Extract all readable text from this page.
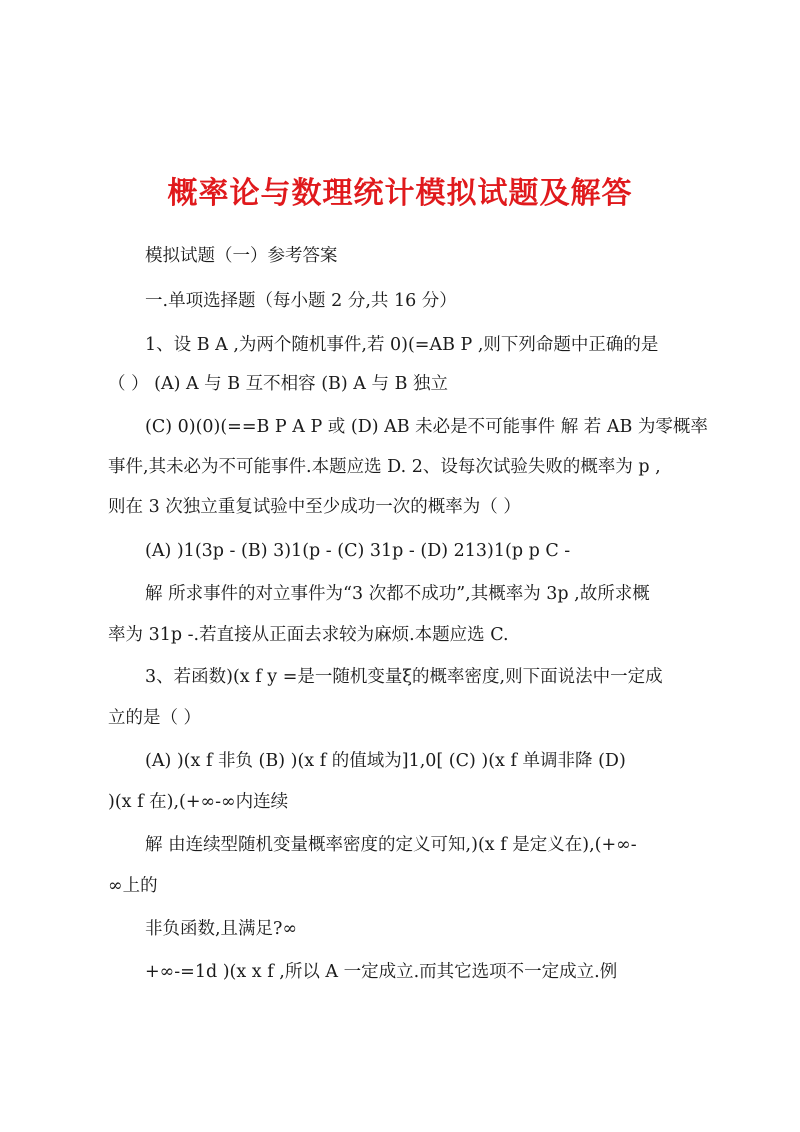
概率论与数理统计模拟试题及解答

模拟试题（一）参考答案

一.单项选择题（每小题 2 分,共 16 分）

1、设 B A ,为两个随机事件,若 0)(=AB P ,则下列命题中正确的是

（ ） (A) A 与 B 互不相容 (B) A 与 B 独立

(C) 0)(0)(==B P A P 或 (D) AB 未必是不可能事件 解 若 AB 为零概率

事件,其未必为不可能事件.本题应选 D. 2、设每次试验失败的概率为 p ,

则在 3 次独立重复试验中至少成功一次的概率为（ ）

(A) )1(3p - (B) 3)1(p - (C) 31p - (D) 213)1(p p C -

解 所求事件的对立事件为“3 次都不成功”,其概率为 3p ,故所求概

率为 31p -.若直接从正面去求较为麻烦.本题应选 C.

3、若函数)(x f y =是一随机变量ξ的概率密度,则下面说法中一定成

立的是（ ）

(A) )(x f 非负 (B) )(x f 的值域为]1,0[ (C) )(x f 单调非降 (D)

)(x f 在),(+∞-∞内连续

解 由连续型随机变量概率密度的定义可知,)(x f 是定义在),(+∞-

∞上的

非负函数,且满足?∞

+∞-=1d )(x x f ,所以 A 一定成立.而其它选项不一定成立.例
